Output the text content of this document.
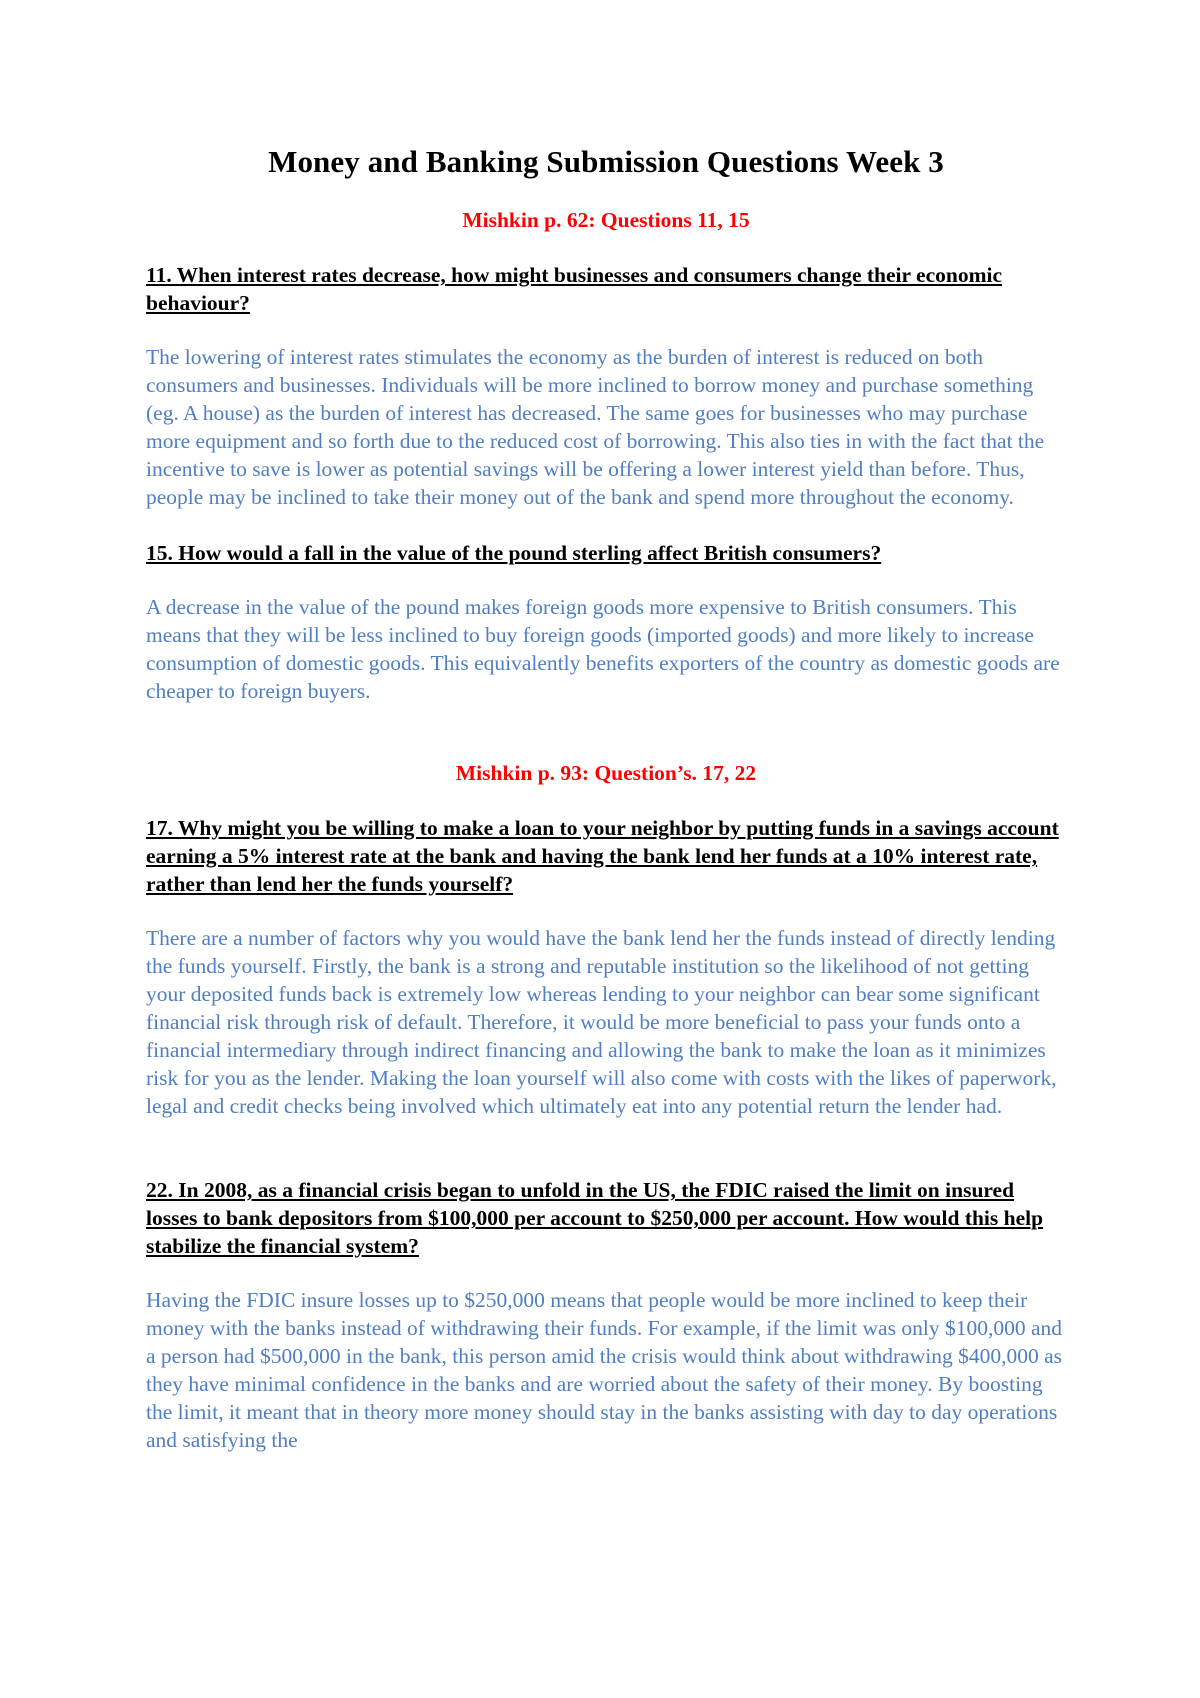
Money and Banking Submission Questions Week 3
Mishkin p. 62: Questions 11, 15
11. When interest rates decrease, how might businesses and consumers change their economic behaviour?
The lowering of interest rates stimulates the economy as the burden of interest is reduced on both consumers and businesses. Individuals will be more inclined to borrow money and purchase something (eg. A house) as the burden of interest has decreased. The same goes for businesses who may purchase more equipment and so forth due to the reduced cost of borrowing. This also ties in with the fact that the incentive to save is lower as potential savings will be offering a lower interest yield than before. Thus, people may be inclined to take their money out of the bank and spend more throughout the economy.
15. How would a fall in the value of the pound sterling affect British consumers?
A decrease in the value of the pound makes foreign goods more expensive to British consumers. This means that they will be less inclined to buy foreign goods (imported goods) and more likely to increase consumption of domestic goods. This equivalently benefits exporters of the country as domestic goods are cheaper to foreign buyers.
Mishkin p. 93: Question’s. 17, 22
17. Why might you be willing to make a loan to your neighbor by putting funds in a savings account earning a 5% interest rate at the bank and having the bank lend her funds at a 10% interest rate, rather than lend her the funds yourself?
There are a number of factors why you would have the bank lend her the funds instead of directly lending the funds yourself. Firstly, the bank is a strong and reputable institution so the likelihood of not getting your deposited funds back is extremely low whereas lending to your neighbor can bear some significant financial risk through risk of default. Therefore, it would be more beneficial to pass your funds onto a financial intermediary through indirect financing and allowing the bank to make the loan as it minimizes risk for you as the lender. Making the loan yourself will also come with costs with the likes of paperwork, legal and credit checks being involved which ultimately eat into any potential return the lender had.
22. In 2008, as a financial crisis began to unfold in the US, the FDIC raised the limit on insured losses to bank depositors from $100,000 per account to $250,000 per account. How would this help stabilize the financial system?
Having the FDIC insure losses up to $250,000 means that people would be more inclined to keep their money with the banks instead of withdrawing their funds. For example, if the limit was only $100,000 and a person had $500,000 in the bank, this person amid the crisis would think about withdrawing $400,000 as they have minimal confidence in the banks and are worried about the safety of their money. By boosting the limit, it meant that in theory more money should stay in the banks assisting with day to day operations and satisfying the
